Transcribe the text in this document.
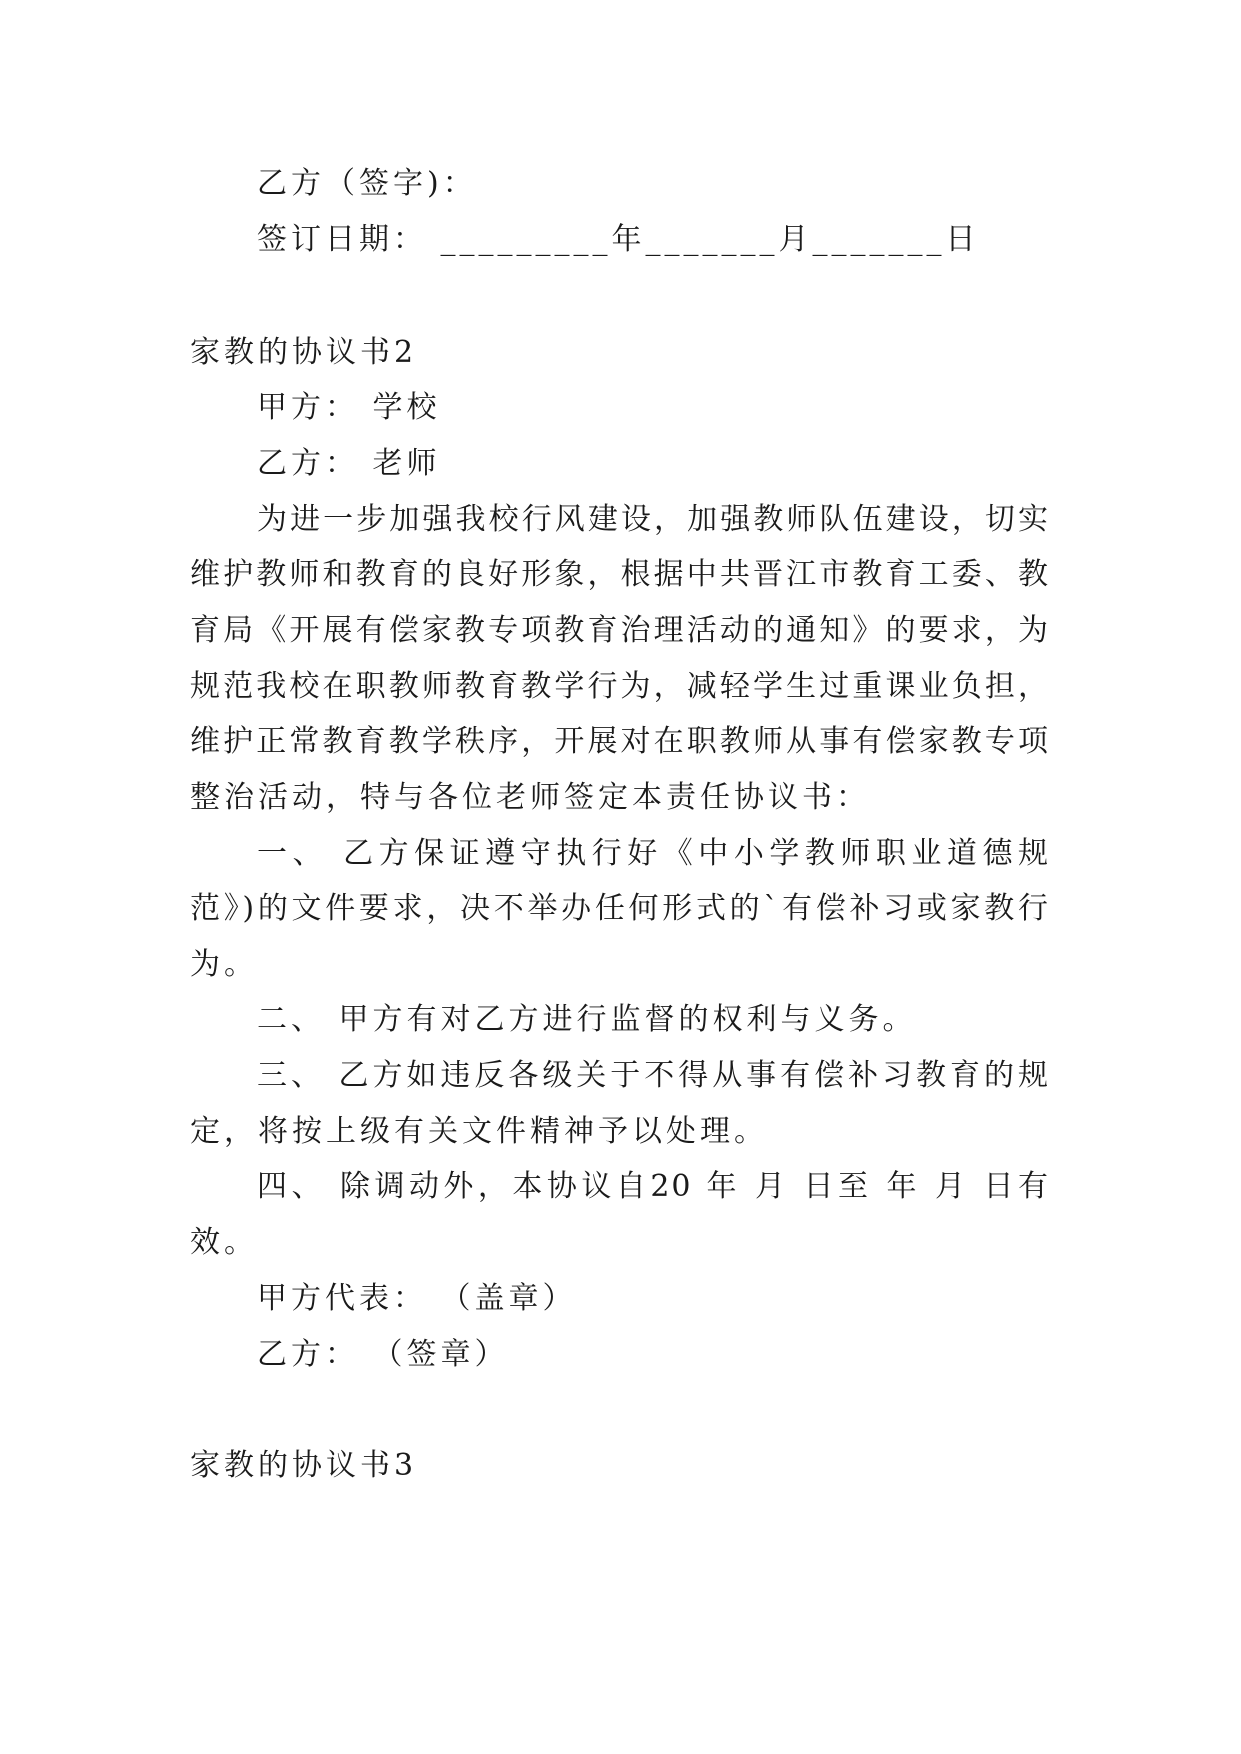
乙方（签字)：
签订日期： _________年_______月_______日
家教的协议书2
甲方： 学校
乙方： 老师
为进一步加强我校行风建设，加强教师队伍建设，切实
维护教师和教育的良好形象，根据中共晋江市教育工委、教
育局《开展有偿家教专项教育治理活动的通知》的要求，为
规范我校在职教师教育教学行为，减轻学生过重课业负担，
维护正常教育教学秩序，开展对在职教师从事有偿家教专项
整治活动，特与各位老师签定本责任协议书：
一、 乙方保证遵守执行好《中小学教师职业道德规
范》)的文件要求，决不举办任何形式的`有偿补习或家教行
为。
二、 甲方有对乙方进行监督的权利与义务。
三、 乙方如违反各级关于不得从事有偿补习教育的规
定，将按上级有关文件精神予以处理。
四、 除调动外，本协议自20 年 月 日至 年 月 日有
效。
甲方代表： （盖章）
乙方： （签章）
家教的协议书3
